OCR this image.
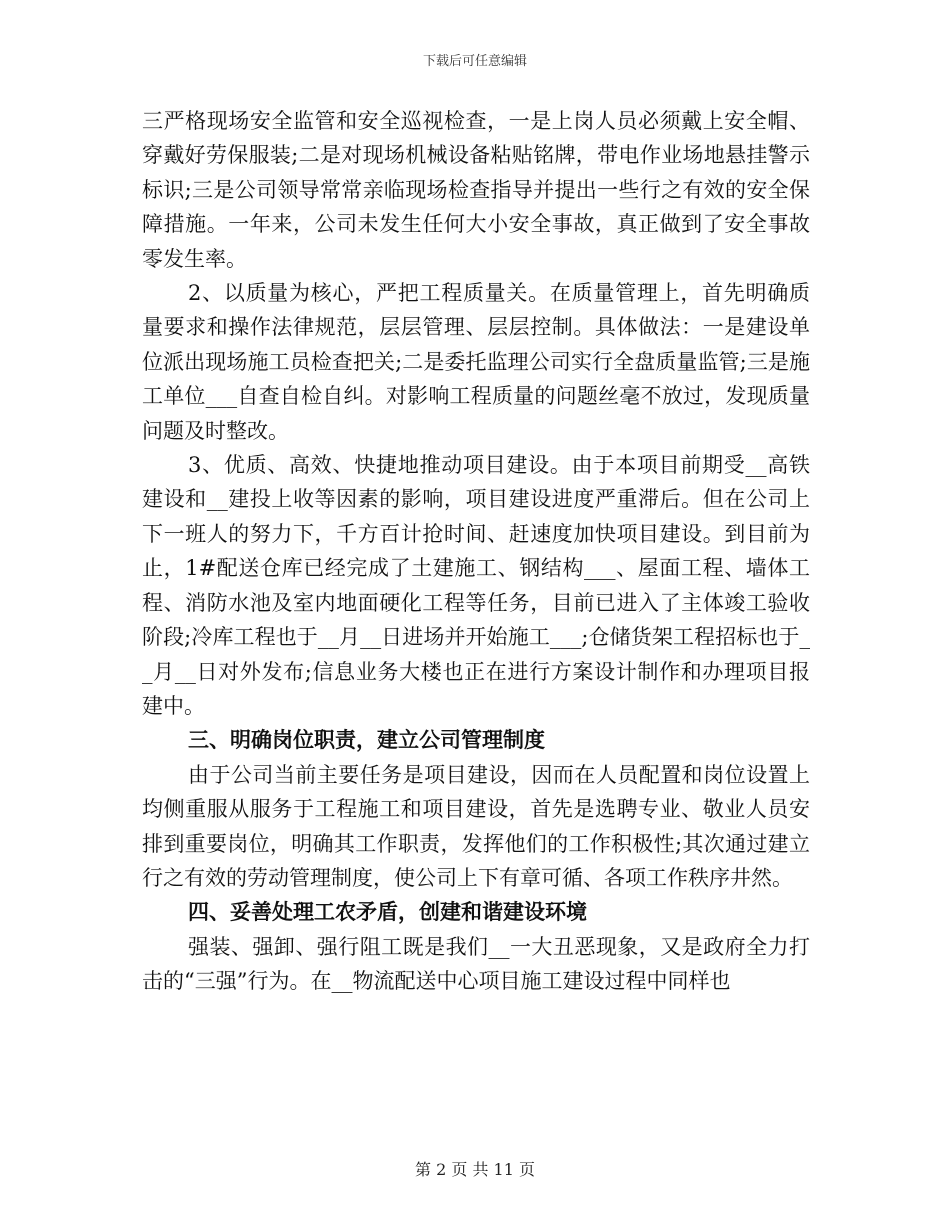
下载后可任意编辑

三严格现场安全监管和安全巡视检查，一是上岗人员必须戴上安全帽、穿戴好劳保服装;二是对现场机械设备粘贴铭牌，带电作业场地悬挂警示标识;三是公司领导常常亲临现场检查指导并提出一些行之有效的安全保障措施。一年来，公司未发生任何大小安全事故，真正做到了安全事故零发生率。

2、以质量为核心，严把工程质量关。在质量管理上，首先明确质量要求和操作法律规范，层层管理、层层控制。具体做法：一是建设单位派出现场施工员检查把关;二是委托监理公司实行全盘质量监管;三是施工单位___自查自检自纠。对影响工程质量的问题丝毫不放过，发现质量问题及时整改。

3、优质、高效、快捷地推动项目建设。由于本项目前期受__高铁建设和__建投上收等因素的影响，项目建设进度严重滞后。但在公司上下一班人的努力下，千方百计抢时间、赶速度加快项目建设。到目前为止，1#配送仓库已经完成了土建施工、钢结构___、屋面工程、墙体工程、消防水池及室内地面硬化工程等任务，目前已进入了主体竣工验收阶段;冷库工程也于__月__日进场并开始施工___;仓储货架工程招标也于__月__日对外发布;信息业务大楼也正在进行方案设计制作和办理项目报建中。

三、明确岗位职责，建立公司管理制度

由于公司当前主要任务是项目建设，因而在人员配置和岗位设置上均侧重服从服务于工程施工和项目建设，首先是选聘专业、敬业人员安排到重要岗位，明确其工作职责，发挥他们的工作积极性;其次通过建立行之有效的劳动管理制度，使公司上下有章可循、各项工作秩序井然。

四、妥善处理工农矛盾，创建和谐建设环境

强装、强卸、强行阻工既是我们__一大丑恶现象，又是政府全力打击的“三强”行为。在__物流配送中心项目施工建设过程中同样也

第 2 页 共 11 页
